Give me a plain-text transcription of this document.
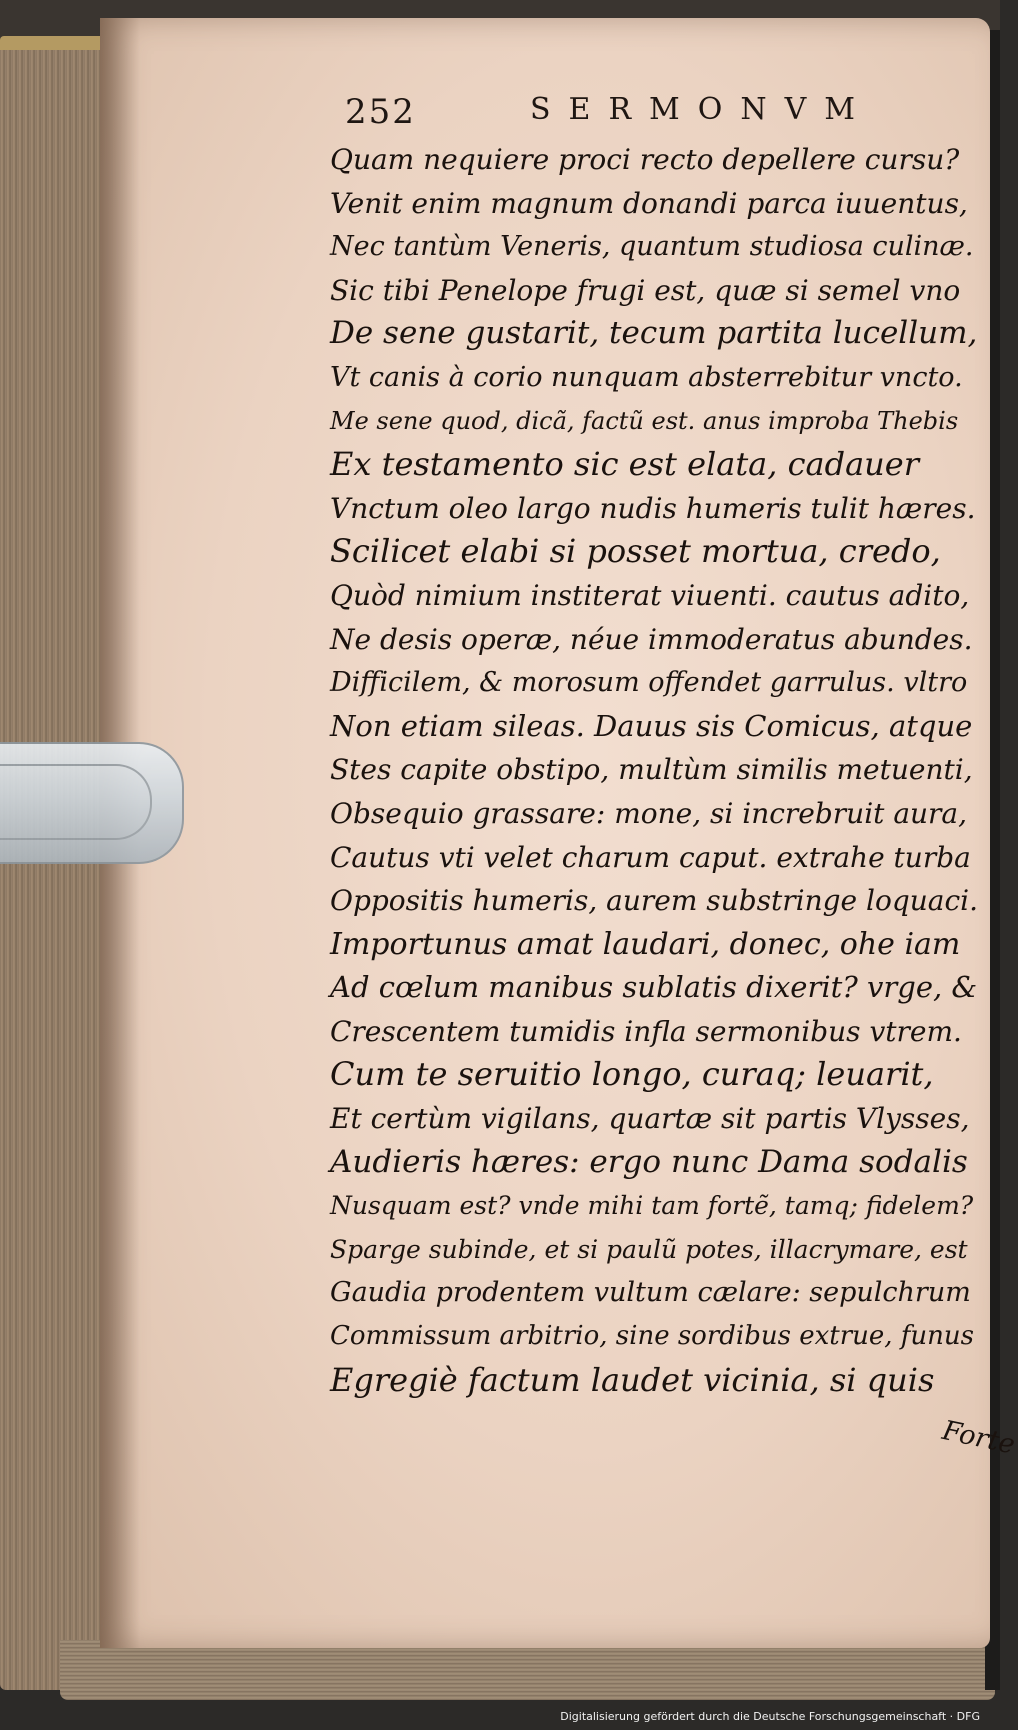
252	SERMONVM
Quam nequiere proci recto depellere cursu?
Venit enim magnum donandi parca iuuentus,
Nec tantùm Veneris, quantum studiosa culinæ.
Sic tibi Penelope frugi est, quæ si semel vno
De sene gustarit, tecum partita lucellum,
Vt canis à corio nunquam absterrebitur vncto.
Me sene quod, dicã, factũ est. anus improba Thebis
Ex testamento sic est elata, cadauer
Vnctum oleo largo nudis humeris tulit hæres.
Scilicet elabi si posset mortua, credo,
Quòd nimium institerat viuenti. cautus adito,
Ne desis operæ, néue immoderatus abundes.
Difficilem, & morosum offendet garrulus. vltro
Non etiam sileas. Dauus sis Comicus, atque
Stes capite obstipo, multùm similis metuenti,
Obsequio grassare: mone, si increbruit aura,
Cautus vti velet charum caput. extrahe turba
Oppositis humeris, aurem substringe loquaci.
Importunus amat laudari, donec, ohe iam
Ad cœlum manibus sublatis dixerit? vrge, &
Crescentem tumidis infla sermonibus vtrem.
Cum te seruitio longo, curaq; leuarit,
Et certùm vigilans, quartæ sit partis Vlysses,
Audieris hæres: ergo nunc Dama sodalis
Nusquam est? vnde mihi tam fortẽ, tamq; fidelem?
Sparge subinde, et si paulũ potes, illacrymare, est
Gaudia prodentem vultum cælare: sepulchrum
Commissum arbitrio, sine sordibus extrue, funus
Egregiè factum laudet vicinia, si quis
Forte
Digitalisierung gefördert durch die Deutsche Forschungsgemeinschaft · DFG
